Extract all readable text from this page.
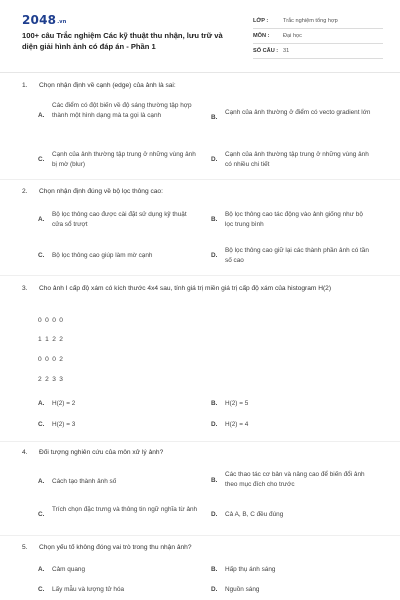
2048.vn
100+ câu Trắc nghiệm Các kỹ thuật thu nhận, lưu trữ và diện giải hình ảnh có đáp án - Phần 1
LỚP :	Trắc nghiệm tổng hợp
MÔN :	Đại học
SỐ CÂU : 31
1. Chọn nhận định về cạnh (edge) của ảnh là sai:
A.
Các điểm có đột biến về độ sáng thường tập hợp thành một hình dạng mà ta gọi là cạnh	B.
Cạnh của ảnh thường ở điểm có vecto gradient lớn
C.
Cạnh của ảnh thường tập trung ở những vùng ảnh bị mờ (blur)
D.
Cạnh của ảnh thường tập trung ở những vùng ảnh có nhiều chi tiết
2. Chọn nhận định đúng về bộ lọc thông cao:
A.
Bộ lọc thông cao được cài đặt sử dụng kỹ thuật cửa sổ trượt
B.
Bộ lọc thông cao tác động vào ảnh giống như bộ lọc trung bình
C. Bộ lọc thông cao giúp làm mờ cạnh	D.
Bộ lọc thông cao giữ lại các thành phần ảnh có tần số cao
3. Cho ảnh I cấp độ xám có kích thước 4x4 sau, tính giá trị miền giá trị cấp độ xám của histogram H(2)
0 0 0 0
1 1 2 2
0 0 0 2
2 2 3 3
A. H(2) = 2	B. H(2) = 5
C. H(2) = 3	D. H(2) = 4
4. Đối tượng nghiên cứu của môn xử lý ảnh?
A. Cách tạo thành ảnh số	B.
Các thao tác cơ bản và nâng cao để biến đổi ảnh theo mục đích cho trước
C.
Trích chọn đặc trưng và thông tin ngữ nghĩa từ ảnh
D. Cả A, B, C đều đúng
5. Chọn yếu tố không đóng vai trò trong thu nhận ảnh?
A. Cảm quang	B. Hấp thụ ánh sáng
C. Lấy mẫu và lượng tử hóa	D. Nguồn sáng
